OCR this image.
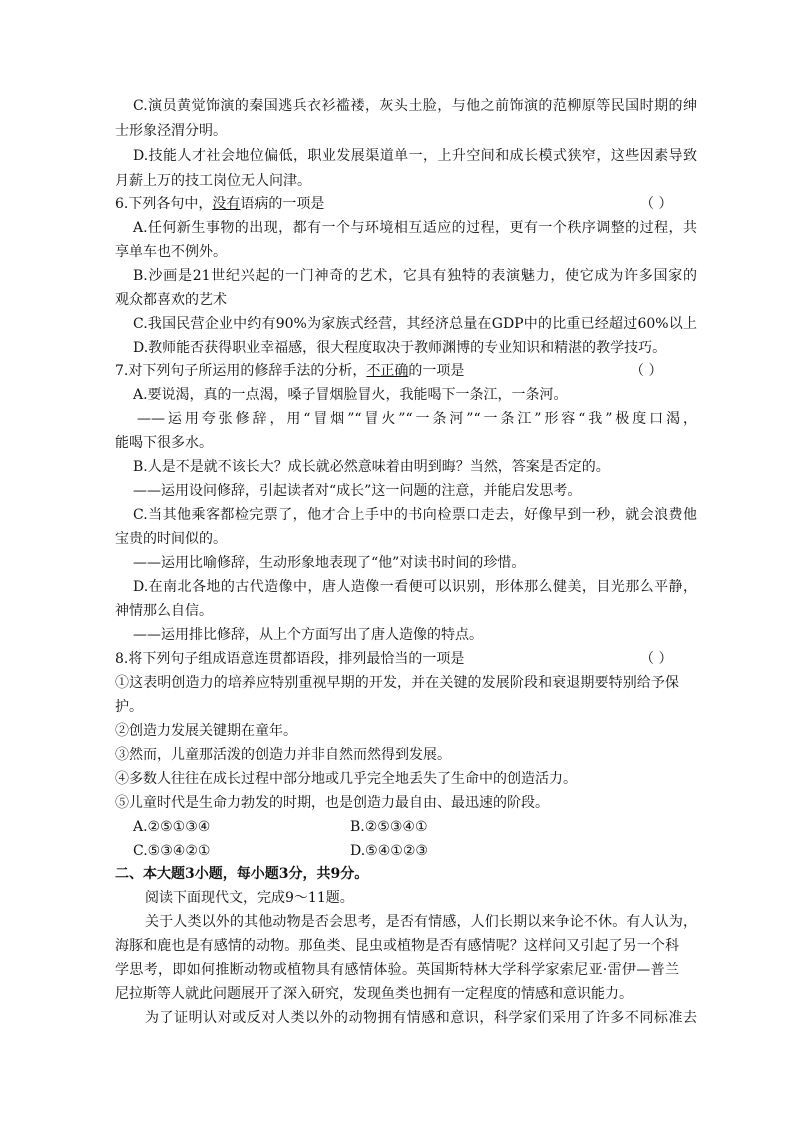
C.演员黄觉饰演的秦国逃兵衣衫褴褛，灰头土脸，与他之前饰演的范柳原等民国时期的绅
士形象泾渭分明。
D.技能人才社会地位偏低，职业发展渠道单一，上升空间和成长模式狭窄，这些因素导致
月薪上万的技工岗位无人问津。
6.下列各句中，没有语病的一项是	（ ）
A.任何新生事物的出现，都有一个与环境相互适应的过程，更有一个秩序调整的过程，共
享单车也不例外。
B.沙画是21世纪兴起的一门神奇的艺术，它具有独特的表演魅力，使它成为许多国家的
观众都喜欢的艺术
C.我国民营企业中约有90%为家族式经营，其经济总量在GDP中的比重已经超过60%以上
D.教师能否获得职业幸福感，很大程度取决于教师渊博的专业知识和精湛的教学技巧。
7.对下列句子所运用的修辞手法的分析，不正确的一项是	（ ）
A.要说渴，真的一点渴，嗓子冒烟脸冒火，我能喝下一条江，一条河。
——运用夸张修辞，用“冒烟”“冒火”“一条河”“一条江”形容“我”极度口渴，
能喝下很多水。
B.人是不是就不该长大？成长就必然意味着由明到晦？当然，答案是否定的。
——运用设问修辞，引起读者对“成长”这一问题的注意，并能启发思考。
C.当其他乘客都检完票了，他才合上手中的书向检票口走去，好像早到一秒，就会浪费他
宝贵的时间似的。
——运用比喻修辞，生动形象地表现了“他”对读书时间的珍惜。
D.在南北各地的古代造像中，唐人造像一看便可以识别，形体那么健美，目光那么平静，
神情那么自信。
——运用排比修辞，从上个方面写出了唐人造像的特点。
8.将下列句子组成语意连贯都语段，排列最恰当的一项是	（ ）
①这表明创造力的培养应特别重视早期的开发，并在关键的发展阶段和衰退期要特别给予保
护。
②创造力发展关键期在童年。
③然而，儿童那活泼的创造力并非自然而然得到发展。
④多数人往往在成长过程中部分地或几乎完全地丢失了生命中的创造活力。
⑤儿童时代是生命力勃发的时期，也是创造力最自由、最迅速的阶段。
A.②⑤①③④	B.②⑤③④①
C.⑤③④②①	D.⑤④①②③
二、本大题3小题，每小题3分，共9分。
阅读下面现代文，完成9～11题。
关于人类以外的其他动物是否会思考，是否有情感，人们长期以来争论不休。有人认为，
海豚和鹿也是有感情的动物。那鱼类、昆虫或植物是否有感情呢？这样问又引起了另一个科
学思考，即如何推断动物或植物具有感情体验。英国斯特林大学科学家索尼亚·雷伊—普兰
尼拉斯等人就此问题展开了深入研究，发现鱼类也拥有一定程度的情感和意识能力。
为了证明认对或反对人类以外的动物拥有情感和意识，科学家们采用了许多不同标准去
